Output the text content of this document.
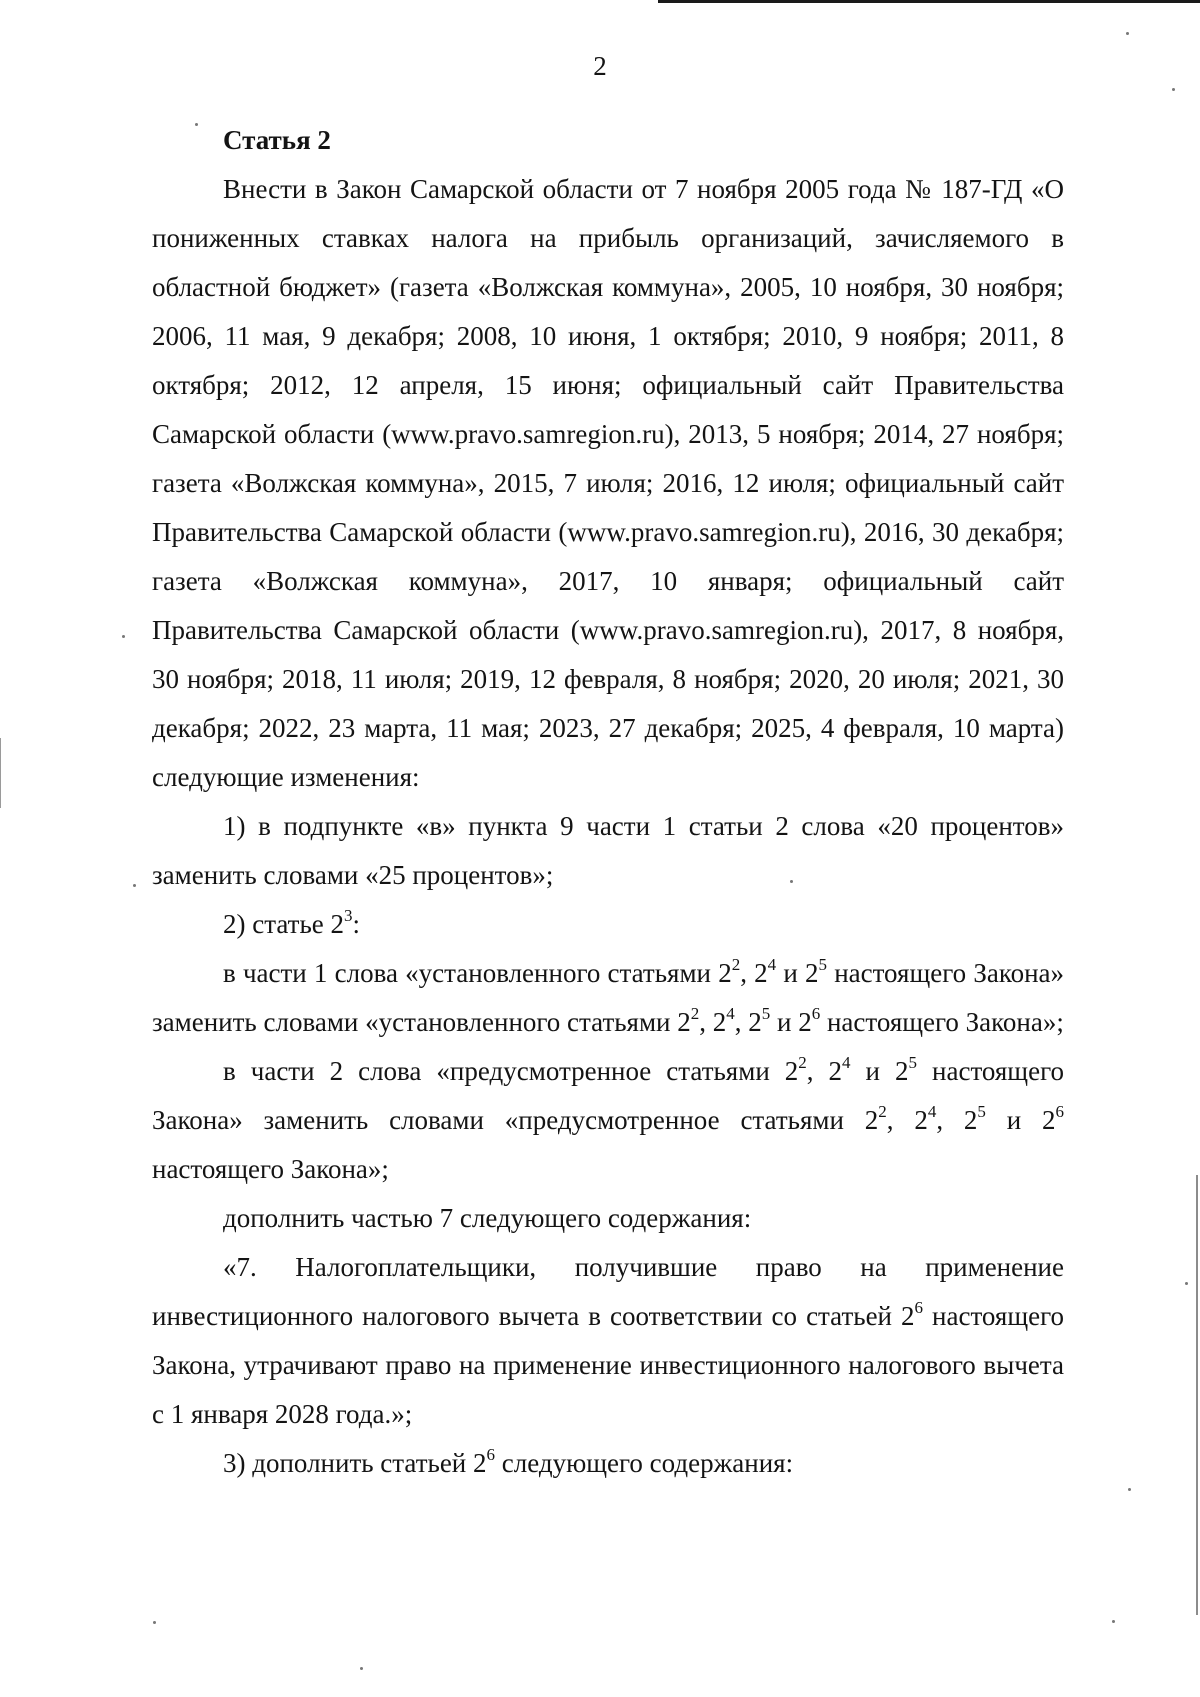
2

Статья 2

Внести в Закон Самарской области от 7 ноября 2005 года № 187-ГД «О пониженных ставках налога на прибыль организаций, зачисляемого в областной бюджет» (газета «Волжская коммуна», 2005, 10 ноября, 30 ноября; 2006, 11 мая, 9 декабря; 2008, 10 июня, 1 октября; 2010, 9 ноября; 2011, 8 октября; 2012, 12 апреля, 15 июня; официальный сайт Правительства Самарской области (www.pravo.samregion.ru), 2013, 5 ноября; 2014, 27 ноября; газета «Волжская коммуна», 2015, 7 июля; 2016, 12 июля; официальный сайт Правительства Самарской области (www.pravo.samregion.ru), 2016, 30 декабря; газета «Волжская коммуна», 2017, 10 января; официальный сайт Правительства Самарской области (www.pravo.samregion.ru), 2017, 8 ноября, 30 ноября; 2018, 11 июля; 2019, 12 февраля, 8 ноября; 2020, 20 июля; 2021, 30 декабря; 2022, 23 марта, 11 мая; 2023, 27 декабря; 2025, 4 февраля, 10 марта) следующие изменения:

1) в подпункте «в» пункта 9 части 1 статьи 2 слова «20 процентов» заменить словами «25 процентов»;

2) статье $2^3$:

в части 1 слова «установленного статьями $2^2$, $2^4$ и $2^5$ настоящего Закона» заменить словами «установленного статьями $2^2$, $2^4$, $2^5$ и $2^6$ настоящего Закона»;

в части 2 слова «предусмотренное статьями $2^2$, $2^4$ и $2^5$ настоящего Закона» заменить словами «предусмотренное статьями $2^2$, $2^4$, $2^5$ и $2^6$ настоящего Закона»;

дополнить частью 7 следующего содержания:

«7. Налогоплательщики, получившие право на применение инвестиционного налогового вычета в соответствии со статьей $2^6$ настоящего Закона, утрачивают право на применение инвестиционного налогового вычета с 1 января 2028 года.»;

3) дополнить статьей $2^6$ следующего содержания:
